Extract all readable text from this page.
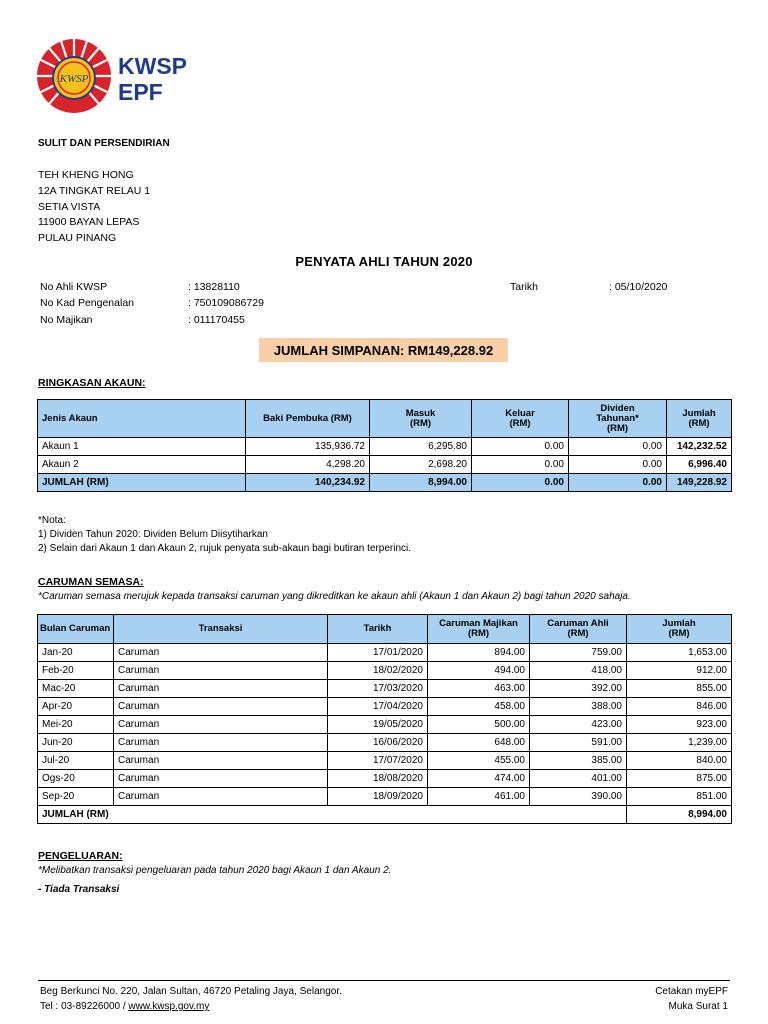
KWSP KWSP
EPF
SULIT DAN PERSENDIRIAN
TEH KHENG HONG
12A TINGKAT RELAU 1
SETIA VISTA
11900 BAYAN LEPAS
PULAU PINANG
PENYATA AHLI TAHUN 2020
No Ahli KWSP	: 13828110
No Kad Pengenalan	: 750109086729
No Majikan	: 011170455
Tarikh	: 05/10/2020
JUMLAH SIMPANAN: RM149,228.92
RINGKASAN AKAUN:
Jenis Akaun	Baki Pembuka (RM)	Masuk (RM)	Keluar (RM)	Dividen Tahunan* (RM)	Jumlah (RM)
Akaun 1	135,936.72	6,295.80	0.00	0.00	142,232.52
Akaun 2	4,298.20	2,698.20	0.00	0.00	6,996.40
JUMLAH (RM)	140,234.92	8,994.00	0.00	0.00	149,228.92
*Nota:
1) Dividen Tahun 2020: Dividen Belum Diisytiharkan
2) Selain dari Akaun 1 dan Akaun 2, rujuk penyata sub-akaun bagi butiran terperinci.
CARUMAN SEMASA:
*Caruman semasa merujuk kepada transaksi caruman yang dikreditkan ke akaun ahli (Akaun 1 dan Akaun 2) bagi tahun 2020 sahaja.
Bulan Caruman	Transaksi	Tarikh	Caruman Majikan (RM)	Caruman Ahli (RM)	Jumlah (RM)
Jan-20	Caruman	17/01/2020	894.00	759.00	1,653.00
Feb-20	Caruman	18/02/2020	494.00	418.00	912.00
Mac-20	Caruman	17/03/2020	463.00	392.00	855.00
Apr-20	Caruman	17/04/2020	458.00	388.00	846.00
Mei-20	Caruman	19/05/2020	500.00	423.00	923.00
Jun-20	Caruman	16/06/2020	648.00	591.00	1,239.00
Jul-20	Caruman	17/07/2020	455.00	385.00	840.00
Ogs-20	Caruman	18/08/2020	474.00	401.00	875.00
Sep-20	Caruman	18/09/2020	461.00	390.00	851.00
JUMLAH (RM)					8,994.00
PENGELUARAN:
*Melibatkan transaksi pengeluaran pada tahun 2020 bagi Akaun 1 dan Akaun 2.
- Tiada Transaksi
Beg Berkunci No. 220, Jalan Sultan, 46720 Petaling Jaya, Selangor.
Tel : 03-89226000 / www.kwsp.gov.my
Cetakan myEPF
Muka Surat 1
